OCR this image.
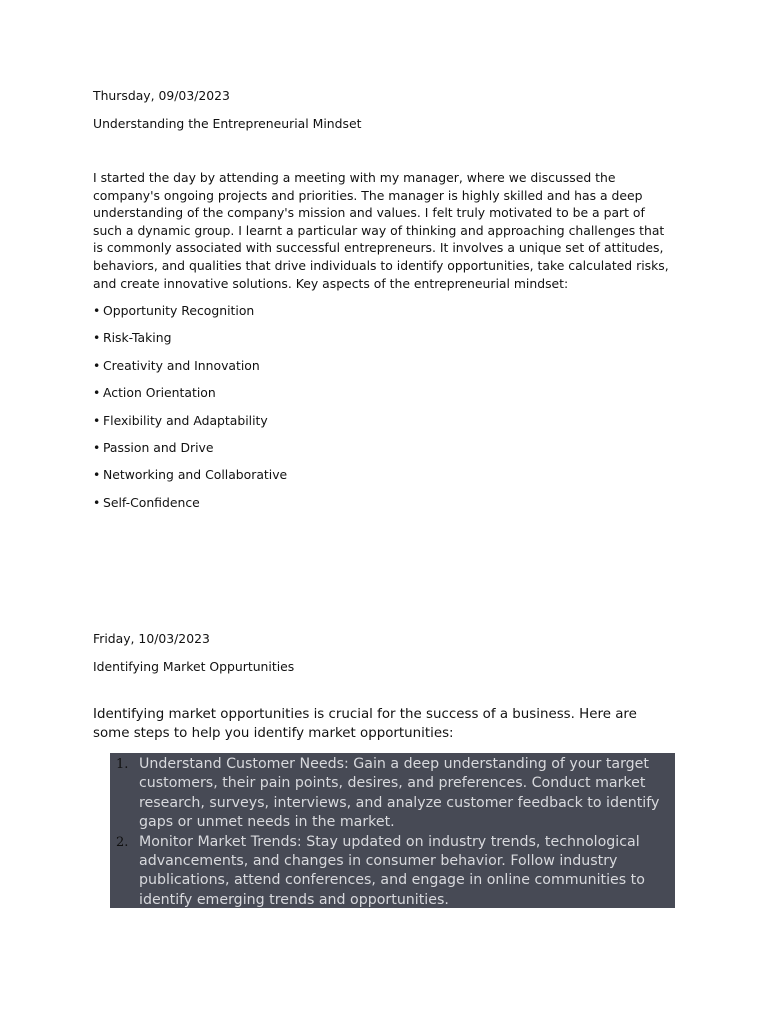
Thursday, 09/03/2023

Understanding the Entrepreneurial Mindset

I started the day by attending a meeting with my manager, where we discussed the company's ongoing projects and priorities. The manager is highly skilled and has a deep understanding of the company's mission and values. I felt truly motivated to be a part of such a dynamic group. I learnt a particular way of thinking and approaching challenges that is commonly associated with successful entrepreneurs. It involves a unique set of attitudes, behaviors, and qualities that drive individuals to identify opportunities, take calculated risks, and create innovative solutions. Key aspects of the entrepreneurial mindset:

• Opportunity Recognition
• Risk-Taking
• Creativity and Innovation
• Action Orientation
• Flexibility and Adaptability
• Passion and Drive
• Networking and Collaborative
• Self-Confidence

Friday, 10/03/2023

Identifying Market Oppurtunities

Identifying market opportunities is crucial for the success of a business. Here are some steps to help you identify market opportunities:

1. Understand Customer Needs: Gain a deep understanding of your target customers, their pain points, desires, and preferences. Conduct market research, surveys, interviews, and analyze customer feedback to identify gaps or unmet needs in the market.
2. Monitor Market Trends: Stay updated on industry trends, technological advancements, and changes in consumer behavior. Follow industry publications, attend conferences, and engage in online communities to identify emerging trends and opportunities.
